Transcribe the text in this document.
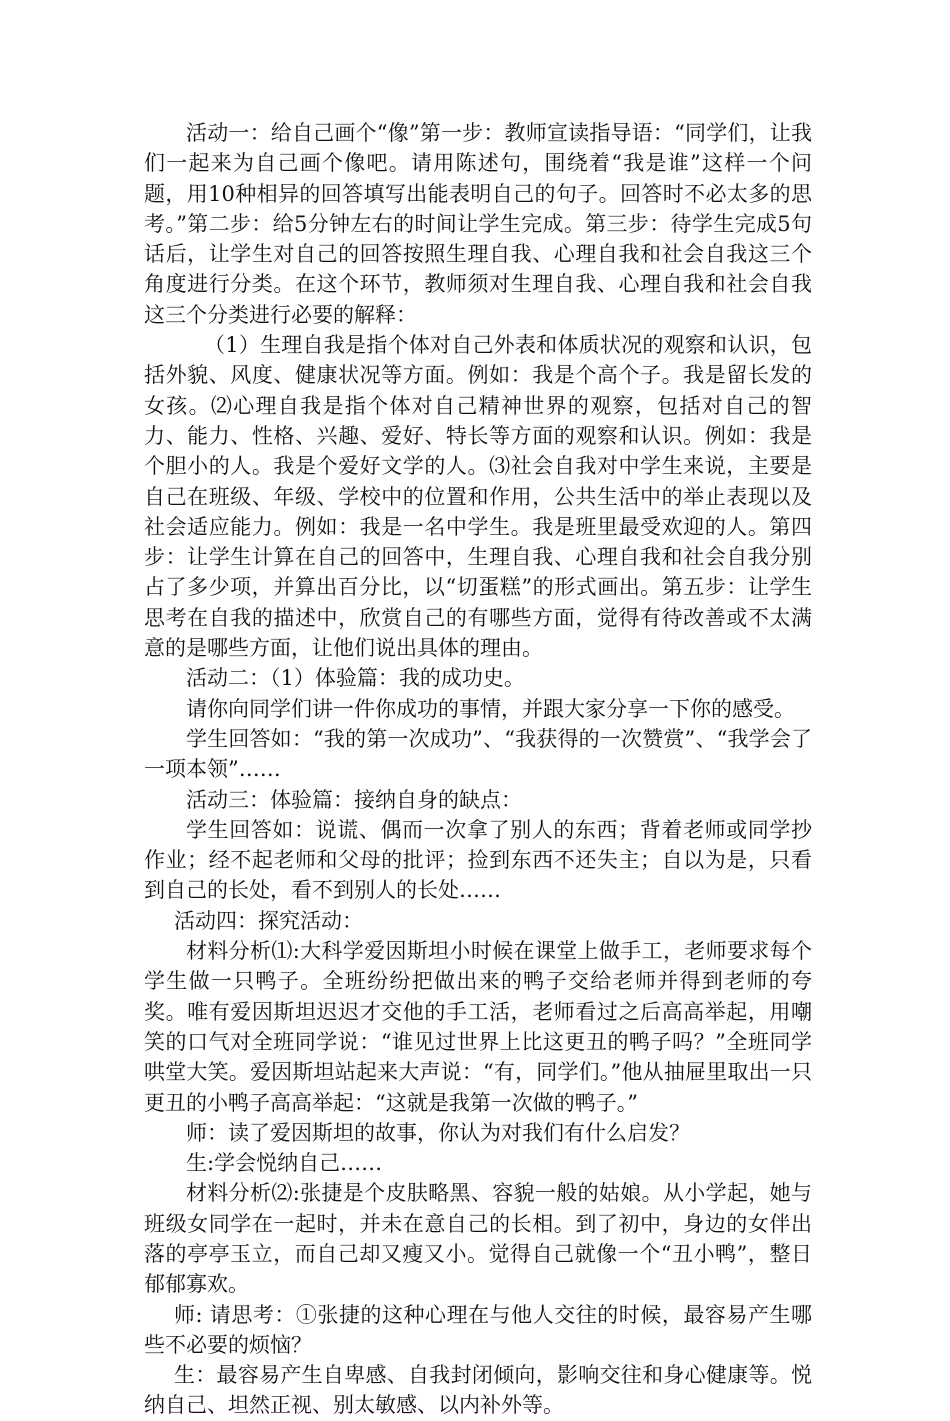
活动一：给自己画个“像”第一步：教师宣读指导语：“同学们，让我们一起来为自己画个像吧。请用陈述句，围绕着“我是谁”这样一个问题，用10种相异的回答填写出能表明自己的句子。回答时不必太多的思考。”第二步：给5分钟左右的时间让学生完成。第三步：待学生完成5句话后，让学生对自己的回答按照生理自我、心理自我和社会自我这三个角度进行分类。在这个环节，教师须对生理自我、心理自我和社会自我这三个分类进行必要的解释：

（1）生理自我是指个体对自己外表和体质状况的观察和认识，包括外貌、风度、健康状况等方面。例如：我是个高个子。我是留长发的女孩。⑵心理自我是指个体对自己精神世界的观察，包括对自己的智力、能力、性格、兴趣、爱好、特长等方面的观察和认识。例如：我是个胆小的人。我是个爱好文学的人。⑶社会自我对中学生来说，主要是自己在班级、年级、学校中的位置和作用，公共生活中的举止表现以及社会适应能力。例如：我是一名中学生。我是班里最受欢迎的人。第四步：让学生计算在自己的回答中，生理自我、心理自我和社会自我分别占了多少项，并算出百分比，以“切蛋糕”的形式画出。第五步：让学生思考在自我的描述中，欣赏自己的有哪些方面，觉得有待改善或不太满意的是哪些方面，让他们说出具体的理由。

活动二：（1）体验篇：我的成功史。

请你向同学们讲一件你成功的事情，并跟大家分享一下你的感受。

学生回答如：“我的第一次成功”、“我获得的一次赞赏”、“我学会了一项本领”……

活动三：体验篇：接纳自身的缺点：

学生回答如：说谎、偶而一次拿了别人的东西；背着老师或同学抄作业；经不起老师和父母的批评；捡到东西不还失主；自以为是，只看到自己的长处，看不到别人的长处……

活动四：探究活动：

材料分析⑴:大科学爱因斯坦小时候在课堂上做手工，老师要求每个学生做一只鸭子。全班纷纷把做出来的鸭子交给老师并得到老师的夸奖。唯有爱因斯坦迟迟才交他的手工活，老师看过之后高高举起，用嘲笑的口气对全班同学说：“谁见过世界上比这更丑的鸭子吗？”全班同学哄堂大笑。爱因斯坦站起来大声说：“有，同学们。”他从抽屉里取出一只更丑的小鸭子高高举起：“这就是我第一次做的鸭子。”

师：读了爱因斯坦的故事，你认为对我们有什么启发？

生:学会悦纳自己……

材料分析⑵:张捷是个皮肤略黑、容貌一般的姑娘。从小学起，她与班级女同学在一起时，并未在意自己的长相。到了初中，身边的女伴出落的亭亭玉立，而自己却又瘦又小。觉得自己就像一个“丑小鸭”，整日郁郁寡欢。

师: 请思考：①张捷的这种心理在与他人交往的时候，最容易产生哪些不必要的烦恼？

生：最容易产生自卑感、自我封闭倾向，影响交往和身心健康等。悦纳自己、坦然正视、别太敏感、以内补外等。
